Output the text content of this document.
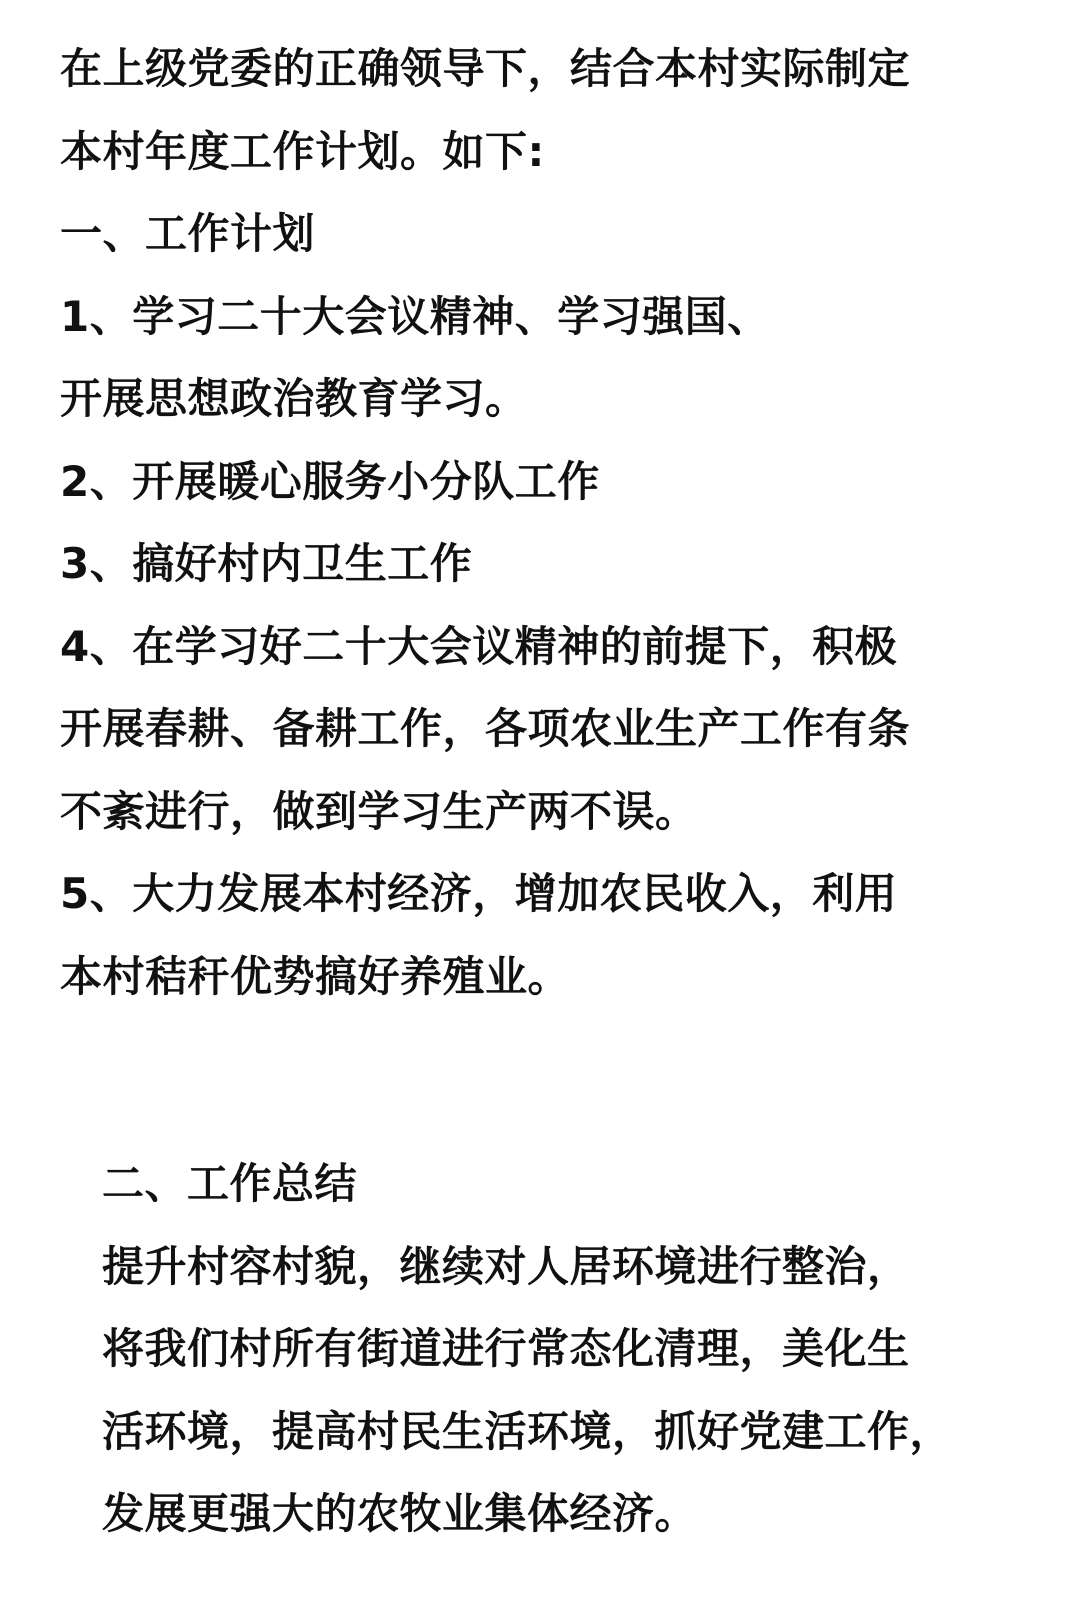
在上级党委的正确领导下，结合本村实际制定
本村年度工作计划。如下:
一、工作计划
1、学习二十大会议精神、学习强国、
开展思想政治教育学习。
2、开展暖心服务小分队工作
3、搞好村内卫生工作
4、在学习好二十大会议精神的前提下，积极
开展春耕、备耕工作，各项农业生产工作有条
不紊进行，做到学习生产两不误。
5、大力发展本村经济，增加农民收入，利用
本村秸秆优势搞好养殖业。
二、工作总结
提升村容村貌，继续对人居环境进行整治，
将我们村所有街道进行常态化清理，美化生
活环境，提高村民生活环境，抓好党建工作，
发展更强大的农牧业集体经济。
